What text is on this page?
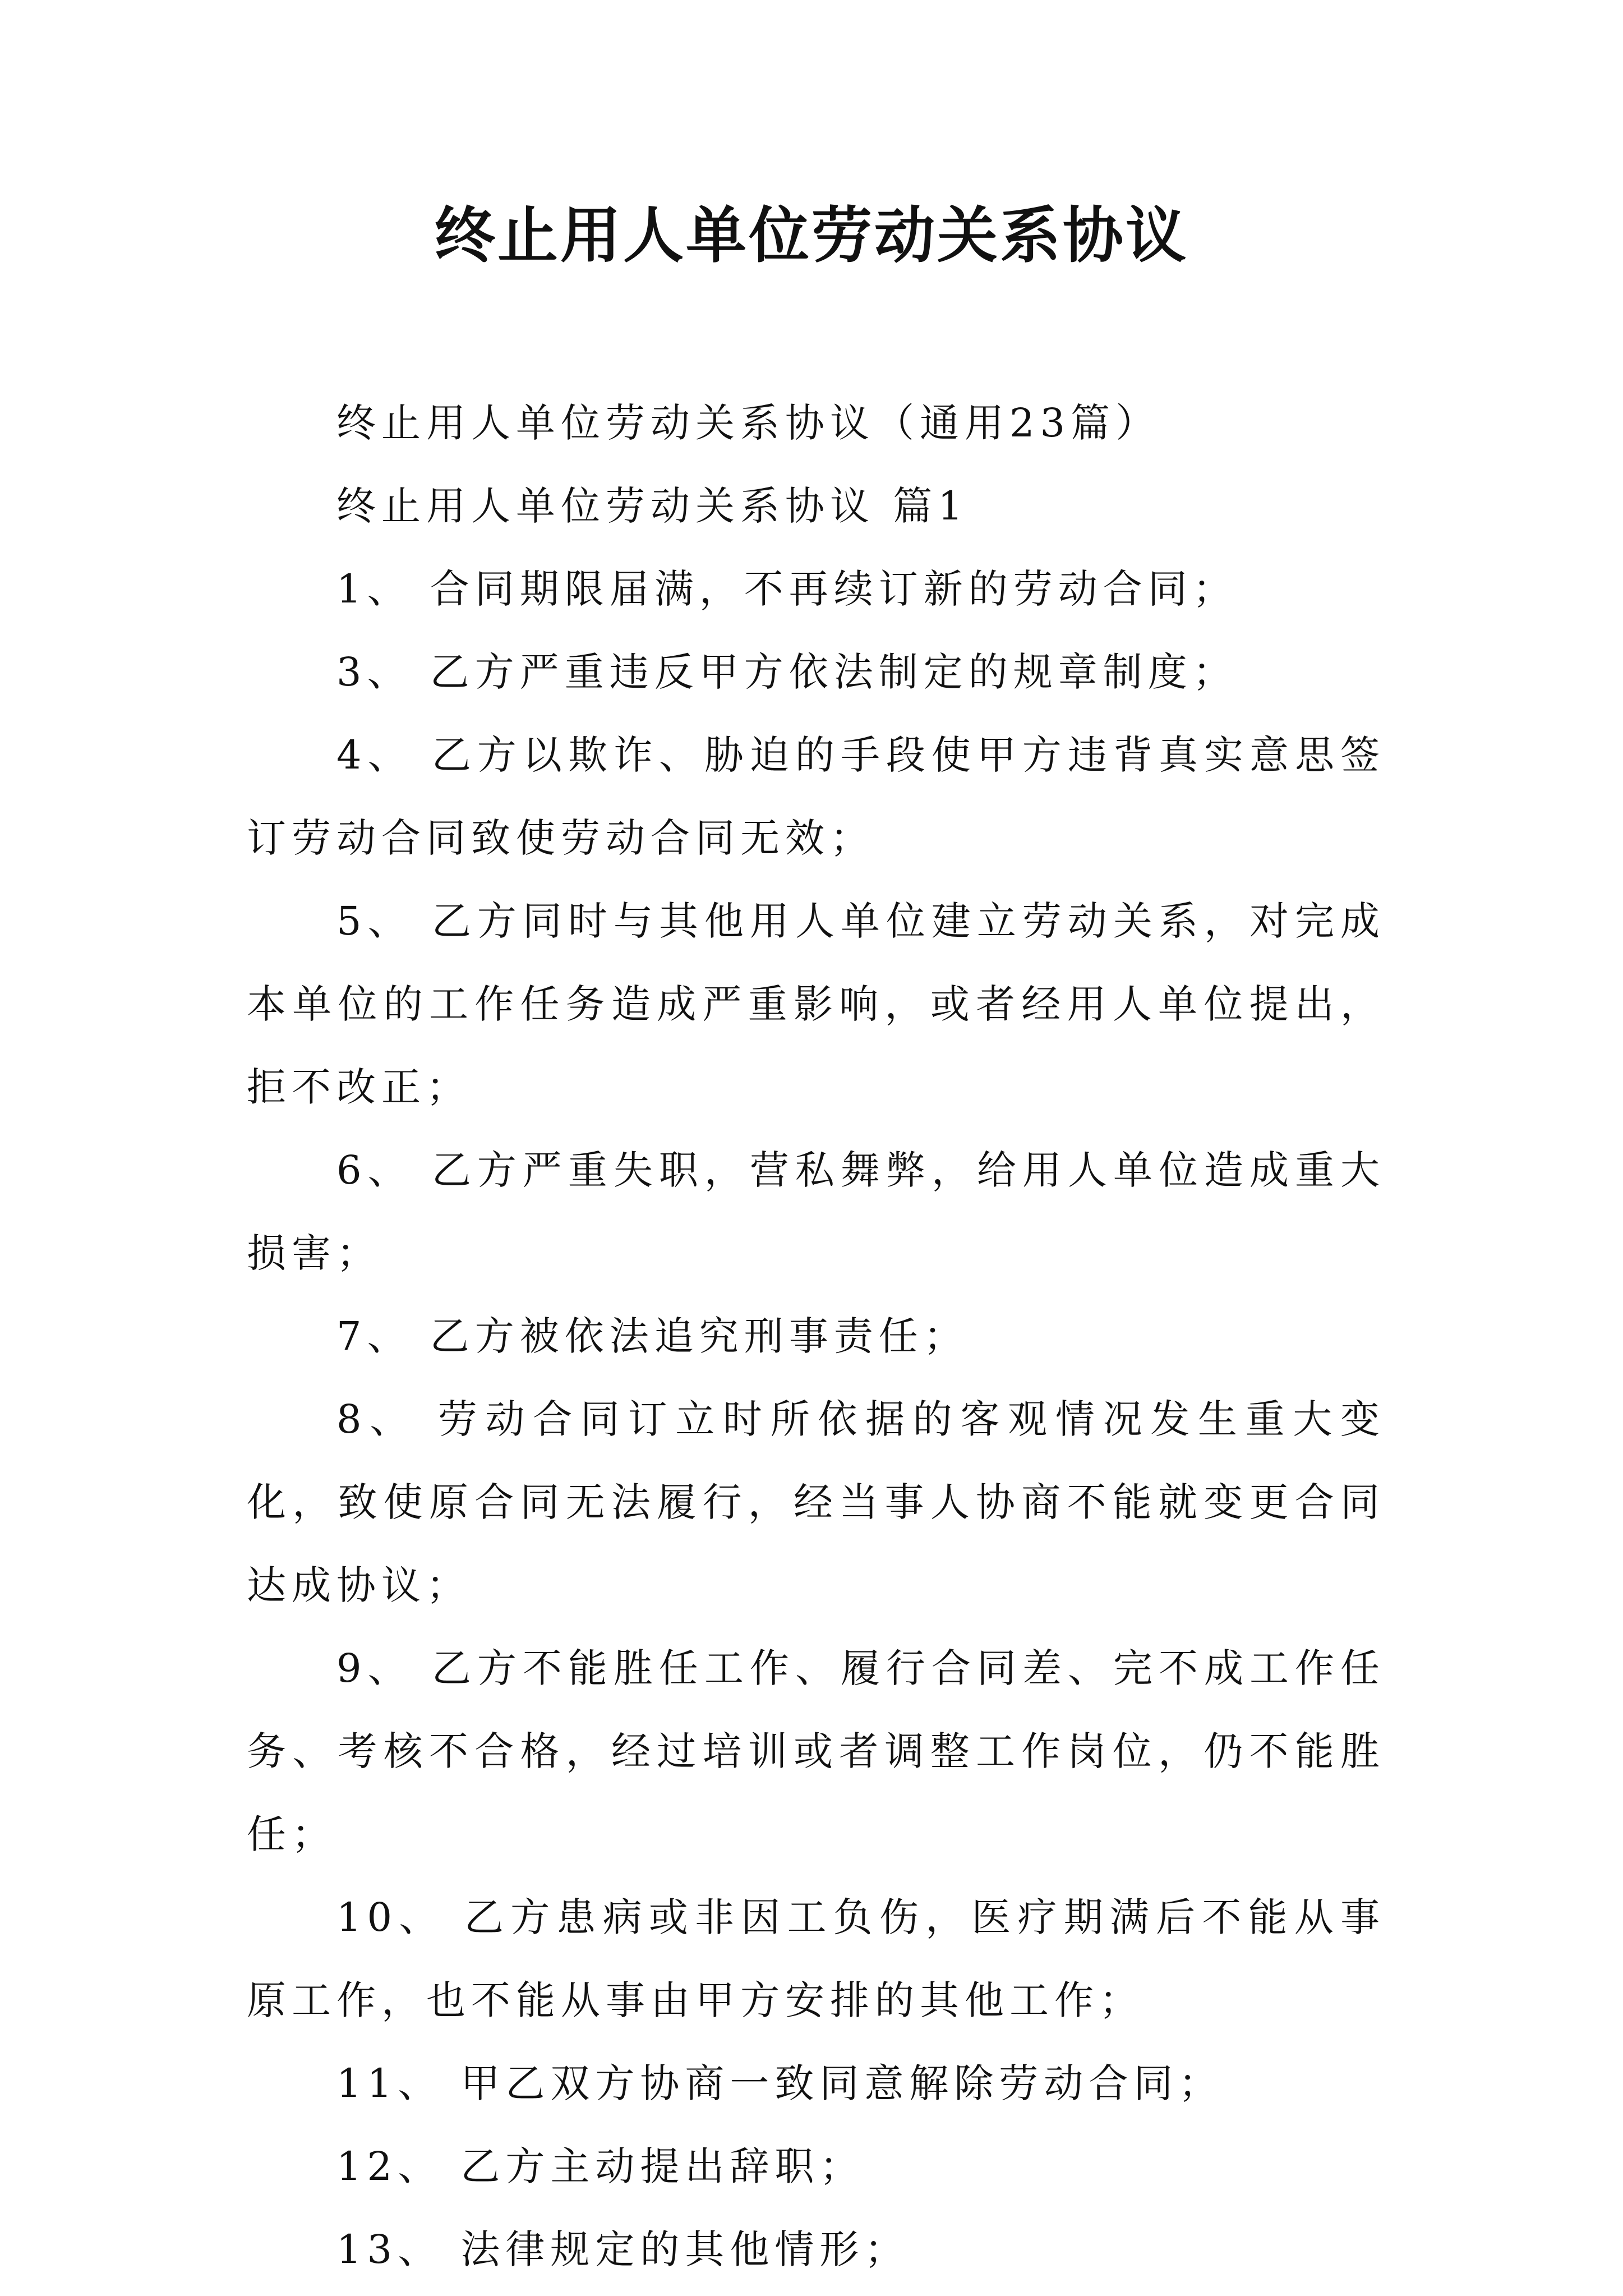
终止用人单位劳动关系协议

终止用人单位劳动关系协议（通用23篇）

终止用人单位劳动关系协议 篇1

1、 合同期限届满，不再续订新的劳动合同；

3、 乙方严重违反甲方依法制定的规章制度；

4、 乙方以欺诈、胁迫的手段使甲方违背真实意思签订劳动合同致使劳动合同无效；

5、 乙方同时与其他用人单位建立劳动关系，对完成本单位的工作任务造成严重影响，或者经用人单位提出，拒不改正；

6、 乙方严重失职，营私舞弊，给用人单位造成重大损害；

7、 乙方被依法追究刑事责任；

8、 劳动合同订立时所依据的客观情况发生重大变化，致使原合同无法履行，经当事人协商不能就变更合同达成协议；

9、 乙方不能胜任工作、履行合同差、完不成工作任务、考核不合格，经过培训或者调整工作岗位，仍不能胜任；

10、 乙方患病或非因工负伤，医疗期满后不能从事原工作，也不能从事由甲方安排的其他工作；

11、 甲乙双方协商一致同意解除劳动合同；

12、 乙方主动提出辞职；

13、 法律规定的其他情形；
